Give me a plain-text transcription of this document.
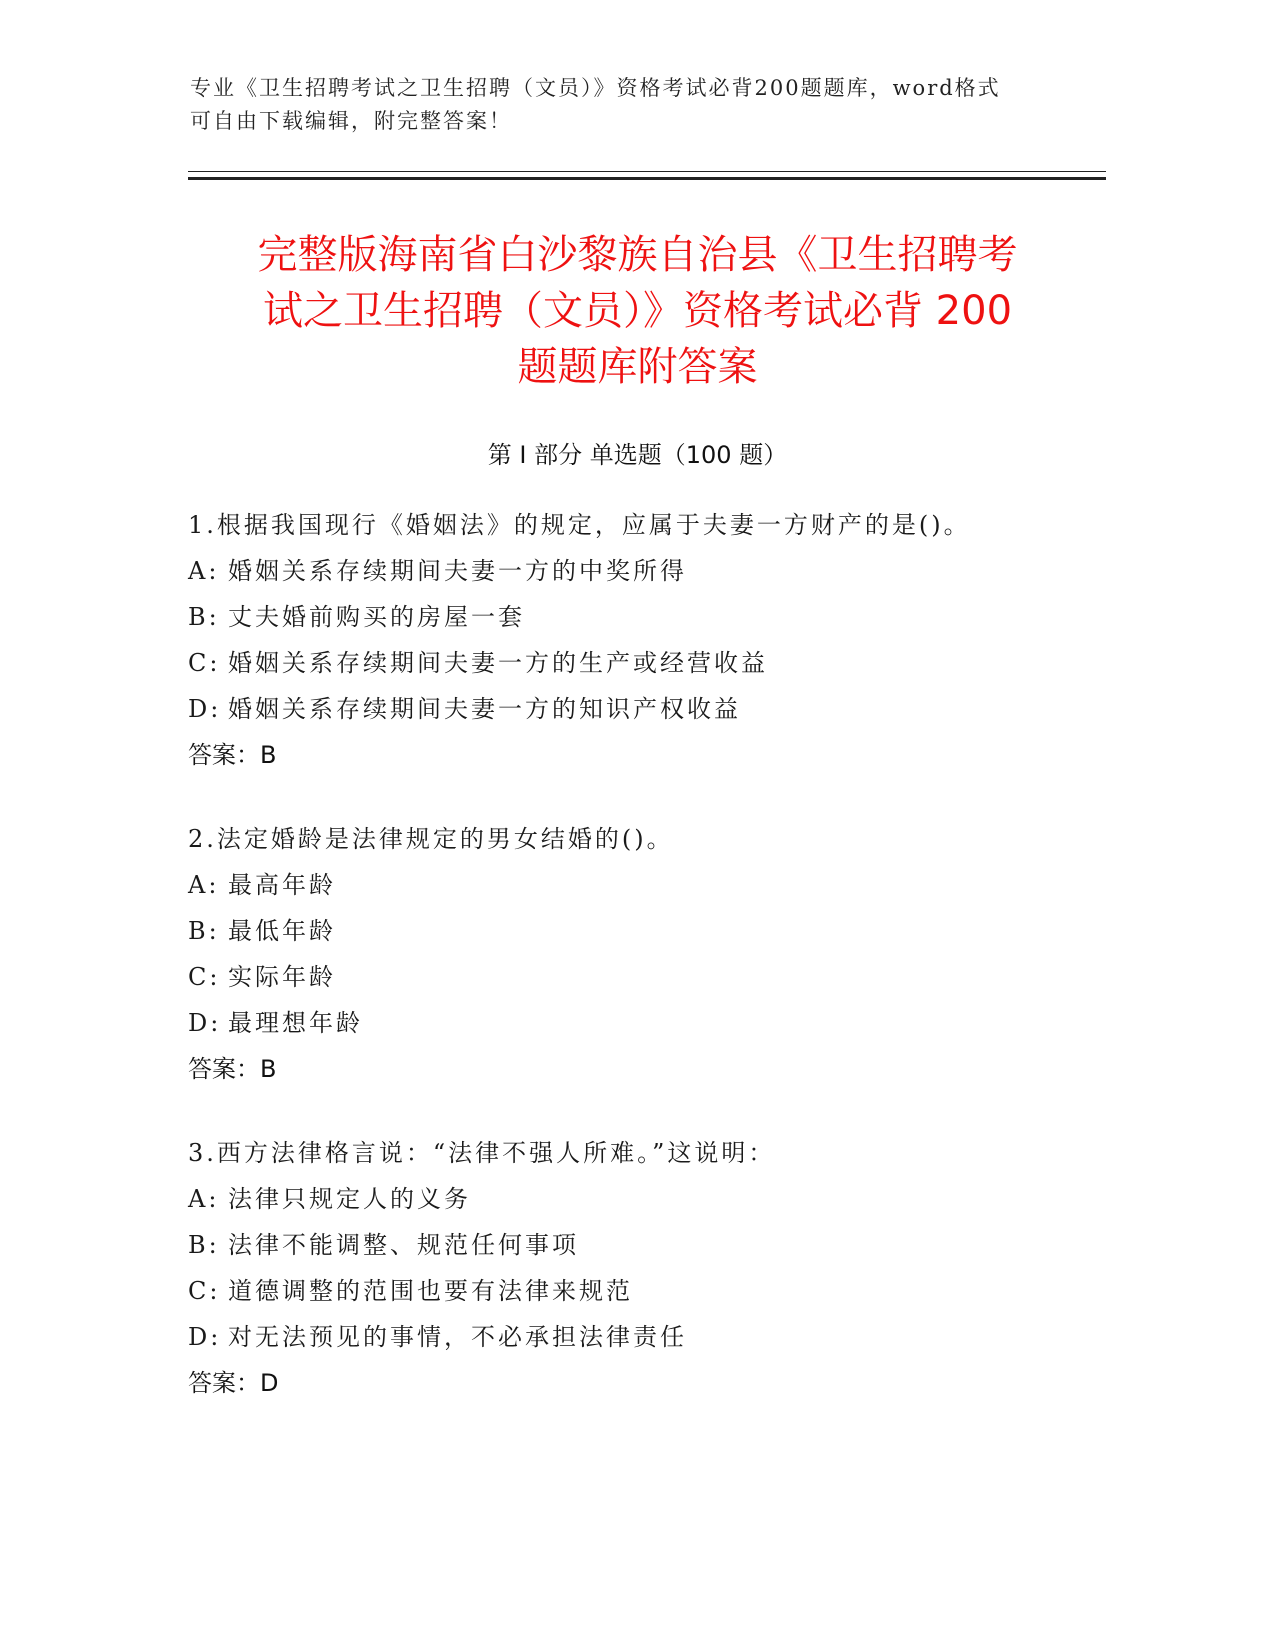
专业《卫生招聘考试之卫生招聘（文员）》资格考试必背200题题库，word格式
可自由下载编辑，附完整答案！
完整版海南省白沙黎族自治县《卫生招聘考
试之卫生招聘（文员）》资格考试必背 200
题题库附答案
第 I 部分 单选题（100 题）
1.根据我国现行《婚姻法》的规定，应属于夫妻一方财产的是()。
A: 婚姻关系存续期间夫妻一方的中奖所得
B: 丈夫婚前购买的房屋一套
C: 婚姻关系存续期间夫妻一方的生产或经营收益
D: 婚姻关系存续期间夫妻一方的知识产权收益
答案：B
2.法定婚龄是法律规定的男女结婚的()。
A: 最高年龄
B: 最低年龄
C: 实际年龄
D: 最理想年龄
答案：B
3.西方法律格言说：“法律不强人所难。”这说明：
A: 法律只规定人的义务
B: 法律不能调整、规范任何事项
C: 道德调整的范围也要有法律来规范
D: 对无法预见的事情，不必承担法律责任
答案：D
